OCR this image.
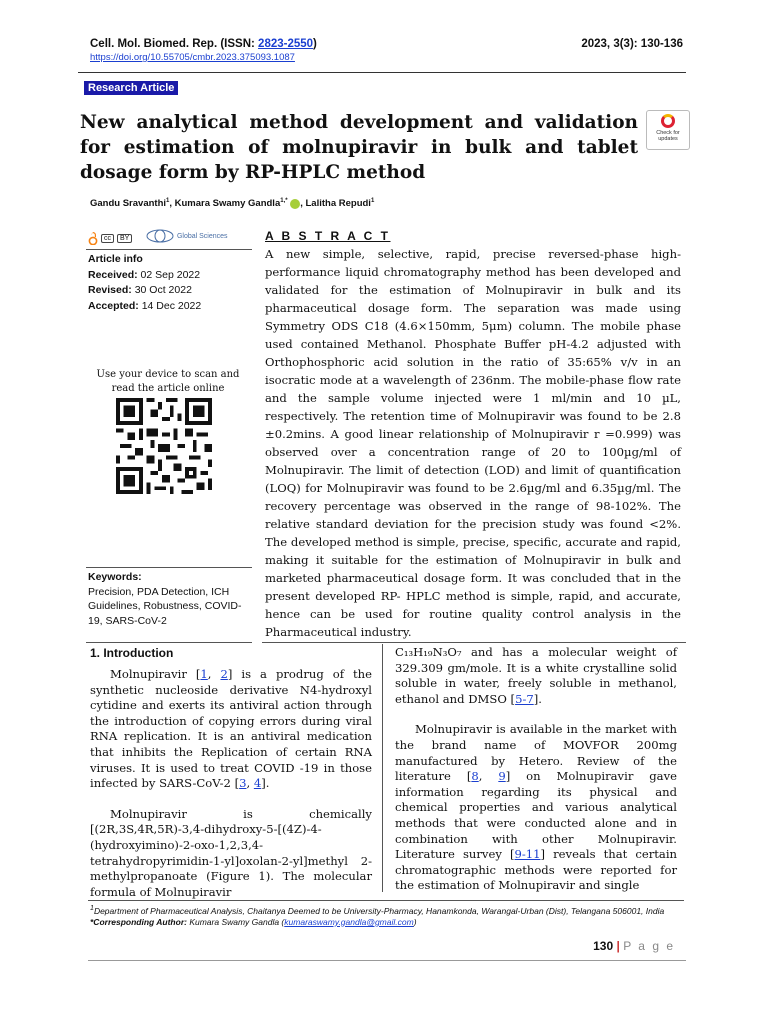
Cell. Mol. Biomed. Rep. (ISSN: 2823-2550)
https://doi.org/10.55705/cmbr.2023.375093.1087
2023, 3(3): 130-136
Research Article
New analytical method development and validation for estimation of molnupiravir in bulk and tablet dosage form by RP-HPLC method
Check for
updates
Gandu Sravanthi$^1$, Kumara Swamy Gandla$^{1,*}$ , Lalitha Repudi$^1$
cc	BY	Global Sciences
Article info
Received: 02 Sep 2022
Revised: 30 Oct 2022
Accepted: 14 Dec 2022
Use your device to scan and read the article online
Keywords:
Precision, PDA Detection, ICH Guidelines, Robustness, COVID-19, SARS-CoV-2
A B S T R A C T
A new simple, selective, rapid, precise reversed-phase high-performance liquid chromatography method has been developed and validated for the estimation of Molnupiravir in bulk and its pharmaceutical dosage form. The separation was made using Symmetry ODS C18 (4.6×150mm, 5μm) column. The mobile phase used contained Methanol. Phosphate Buffer pH-4.2 adjusted with Orthophosphoric acid solution in the ratio of 35:65% v/v in an isocratic mode at a wavelength of 236nm. The mobile-phase flow rate and the sample volume injected were 1 ml/min and 10 µL, respectively. The retention time of Molnupiravir was found to be 2.8 ±0.2mins. A good linear relationship of Molnupiravir r =0.999) was observed over a concentration range of 20 to 100µg/ml of Molnupiravir. The limit of detection (LOD) and limit of quantification (LOQ) for Molnupiravir was found to be 2.6µg/ml and 6.35µg/ml. The recovery percentage was observed in the range of 98-102%. The relative standard deviation for the precision study was found <2%. The developed method is simple, precise, specific, accurate and rapid, making it suitable for the estimation of Molnupiravir in bulk and marketed pharmaceutical dosage form. It was concluded that in the present developed RP- HPLC method is simple, rapid, and accurate, hence can be used for routine quality control analysis in the Pharmaceutical industry.
1. Introduction

Molnupiravir [1, 2] is a prodrug of the synthetic nucleoside derivative N4-hydroxyl cytidine and exerts its antiviral action through the introduction of copying errors during viral RNA replication. It is an antiviral medication that inhibits the Replication of certain RNA viruses. It is used to treat COVID -19 in those infected by SARS-CoV-2 [3, 4].

Molnupiravir is chemically [(2R,3S,4R,5R)-3,4-dihydroxy-5-[(4Z)-4-(hydroxyimino)-2-oxo-1,2,3,4-tetrahydropyrimidin-1-yl]oxolan-2-yl]methyl 2-methylpropanoate (Figure 1). The molecular formula of Molnupiravir

C₁₃H₁₉N₃O₇ and has a molecular weight of 329.309 gm/mole. It is a white crystalline solid soluble in water, freely soluble in methanol, ethanol and DMSO [5-7].

Molnupiravir is available in the market with the brand name of MOVFOR 200mg manufactured by Hetero. Review of the literature [8, 9] on Molnupiravir gave information regarding its physical and chemical properties and various analytical methods that were conducted alone and in combination with other Molnupiravir. Literature survey [9-11] reveals that certain chromatographic methods were reported for the estimation of Molnupiravir and single

$^1$Department of Pharmaceutical Analysis, Chaitanya Deemed to be University-Pharmacy, Hanamkonda, Warangal-Urban (Dist), Telangana 506001, India
*Corresponding Author: Kumara Swamy Gandla (kumaraswamy.gandla@gmail.com)
130 | P a g e
